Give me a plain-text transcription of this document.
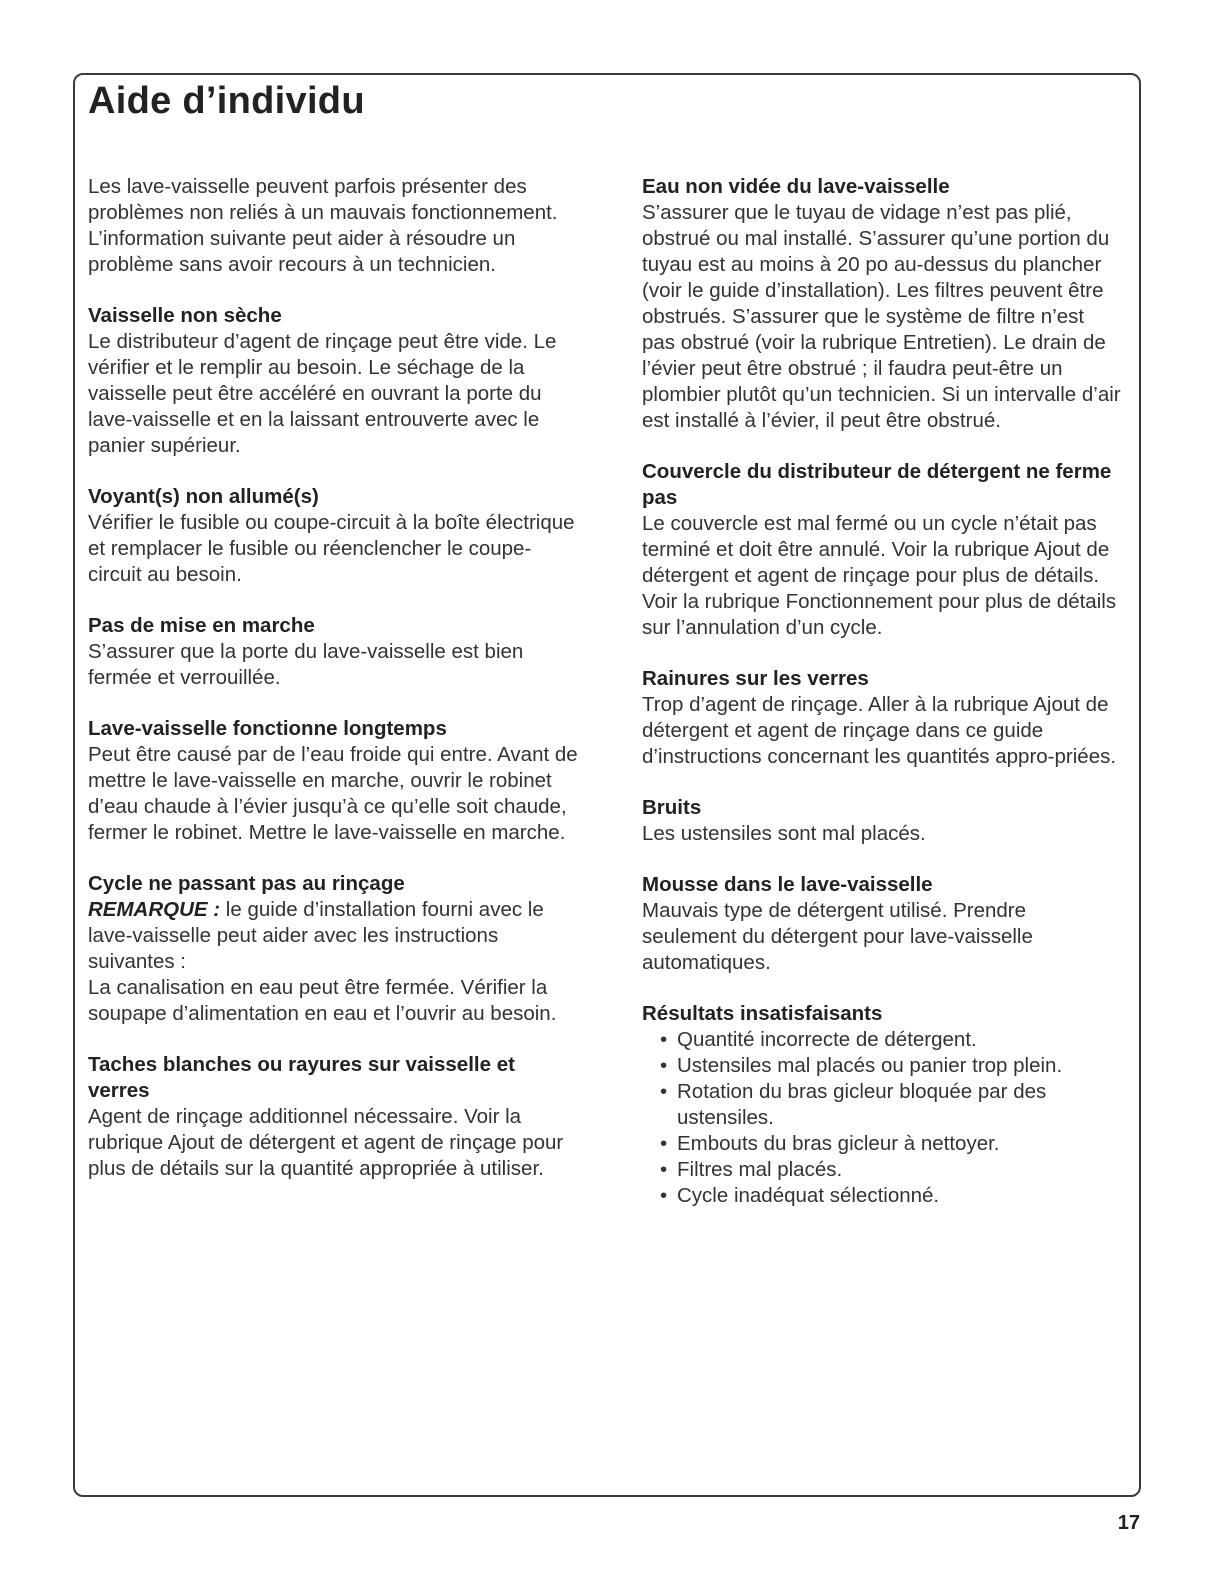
Aide d’individu

Les lave-vaisselle peuvent parfois présenter des problèmes non reliés à un mauvais fonctionnement. L’information suivante peut aider à résoudre un problème sans avoir recours à un technicien.

Vaisselle non sèche

Le distributeur d’agent de rinçage peut être vide. Le vérifier et le remplir au besoin. Le séchage de la vaisselle peut être accéléré en ouvrant la porte du lave-vaisselle et en la laissant entrouverte avec le panier supérieur.

Voyant(s) non allumé(s)

Vérifier le fusible ou coupe-circuit à la boîte électrique et remplacer le fusible ou réenclencher le coupe-circuit au besoin.

Pas de mise en marche

S’assurer que la porte du lave-vaisselle est bien fermée et verrouillée.

Lave-vaisselle fonctionne longtemps

Peut être causé par de l’eau froide qui entre. Avant de mettre le lave-vaisselle en marche, ouvrir le robinet d’eau chaude à l’évier jusqu’à ce qu’elle soit chaude, fermer le robinet. Mettre le lave-vaisselle en marche.

Cycle ne passant pas au rinçage

REMARQUE : le guide d’installation fourni avec le lave-vaisselle peut aider avec les instructions suivantes :

La canalisation en eau peut être fermée. Vérifier la soupape d’alimentation en eau et l’ouvrir au besoin.

Taches blanches ou rayures sur vaisselle et verres

Agent de rinçage additionnel nécessaire. Voir la rubrique Ajout de détergent et agent de rinçage pour plus de détails sur la quantité appropriée à utiliser.

Eau non vidée du lave-vaisselle

S’assurer que le tuyau de vidage n’est pas plié, obstrué ou mal installé. S’assurer qu’une portion du tuyau est au moins à 20 po au-dessus du plancher (voir le guide d’installation). Les filtres peuvent être obstrués. S’assurer que le système de filtre n’est pas obstrué (voir la rubrique Entretien). Le drain de l’évier peut être obstrué ; il faudra peut-être un plombier plutôt qu’un technicien. Si un intervalle d’air est installé à l’évier, il peut être obstrué.

Couvercle du distributeur de détergent ne ferme pas

Le couvercle est mal fermé ou un cycle n’était pas terminé et doit être annulé. Voir la rubrique Ajout de détergent et agent de rinçage pour plus de détails. Voir la rubrique Fonctionnement pour plus de détails sur l’annulation d’un cycle.

Rainures sur les verres

Trop d’agent de rinçage. Aller à la rubrique Ajout de détergent et agent de rinçage dans ce guide d’instructions concernant les quantités appro-priées.

Bruits

Les ustensiles sont mal placés.

Mousse dans le lave-vaisselle

Mauvais type de détergent utilisé. Prendre seulement du détergent pour lave-vaisselle automatiques.

Résultats insatisfaisants
• Quantité incorrecte de détergent.
• Ustensiles mal placés ou panier trop plein.
• Rotation du bras gicleur bloquée par des ustensiles.
• Embouts du bras gicleur à nettoyer.
• Filtres mal placés.
• Cycle inadéquat sélectionné.
17
